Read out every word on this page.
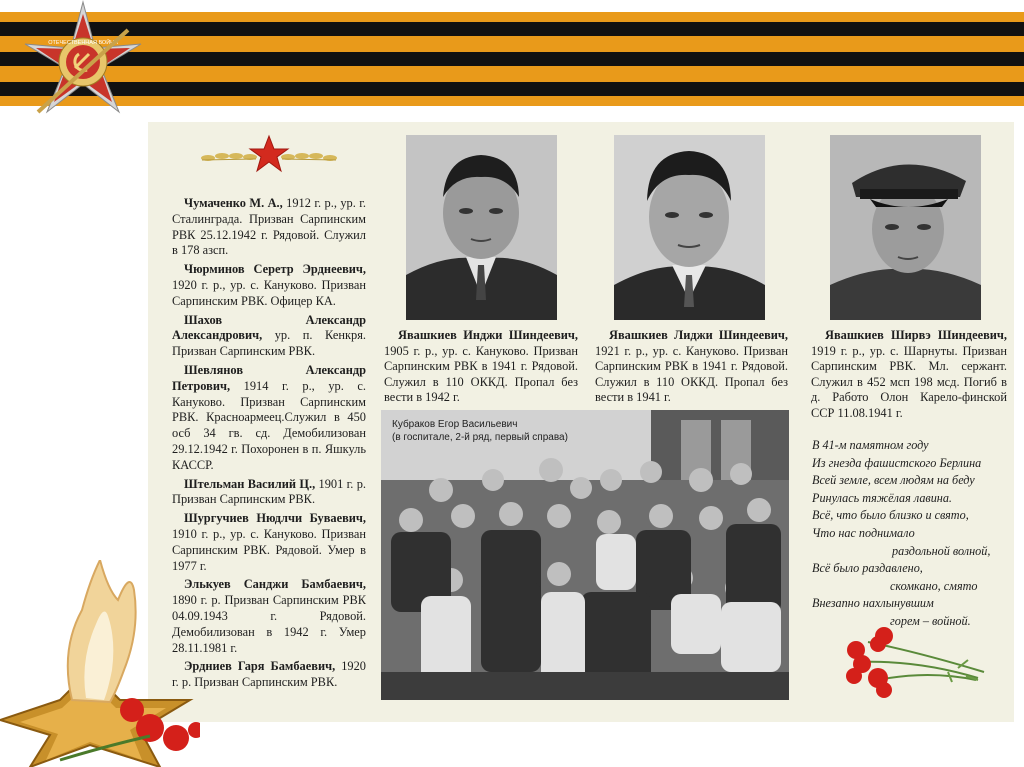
ОТЕЧЕСТВЕННАЯ ВОЙНА

Чумаченко М. А., 1912 г. р., ур. г. Сталинграда. Призван Сарпинским РВК 25.12.1942 г. Рядовой. Служил в 178 азсп.

Чюрминов Серетр Эрднеевич, 1920 г. р., ур. с. Кануково. Призван Сарпинским РВК. Офицер КА.

Шахов Александр Александрович, ур. п. Кенкря. Призван Сарпинским РВК.

Шевлянов Александр Петрович, 1914 г. р., ур. с. Кануково. Призван Сарпинским РВК. Красноармеец.Служил в 450 осб 34 гв. сд. Демобилизован 29.12.1942 г. Похоронен в п. Яшкуль КАССР.

Штельман Василий Ц., 1901 г. р. Призван Сарпинским РВК.

Шургучиев Нюдлчи Буваевич, 1910 г. р., ур. с. Кануково. Призван Сарпинским РВК. Рядовой. Умер в 1977 г.

Элькуев Санджи Бамбаевич, 1890 г. р. Призван Сарпинским РВК 04.09.1943 г. Рядовой. Демобилизован в 1942 г. Умер 28.11.1981 г.

Эрдниев Гаря Бамбаевич, 1920 г. р. Призван Сарпинским РВК.

Явашкиев Инджи Шиндеевич, 1905 г. р., ур. с. Кануково. Призван Сарпинским РВК в 1941 г. Рядовой. Служил в 110 ОККД. Пропал без вести в 1942 г.
Явашкиев Лиджи Шиндеевич, 1921 г. р., ур. с. Кануково. Призван Сарпинским РВК в 1941 г. Рядовой. Служил в 110 ОККД. Пропал без вести в 1941 г.
Явашкиев Ширвэ Шиндеевич, 1919 г. р., ур. с. Шарнуты. Призван Сарпинским РВК. Мл. сержант. Служил в 452 мсп 198 мсд. Погиб в д. Работо Олон Карело-финской ССР 11.08.1941 г.
Кубраков Егор Васильевич
(в госпитале, 2-й ряд, первый справа)
В 41-м памятном году
Из гнезда фашистского Берлина
Всей земле, всем людям на беду
Ринулась тяжёлая лавина.
Всё, что было близко и свято,
Что нас поднимало
раздольной волной,
Всё было раздавлено,
скомкано, смято
Внезапно нахлынувшим
горем – войной.
